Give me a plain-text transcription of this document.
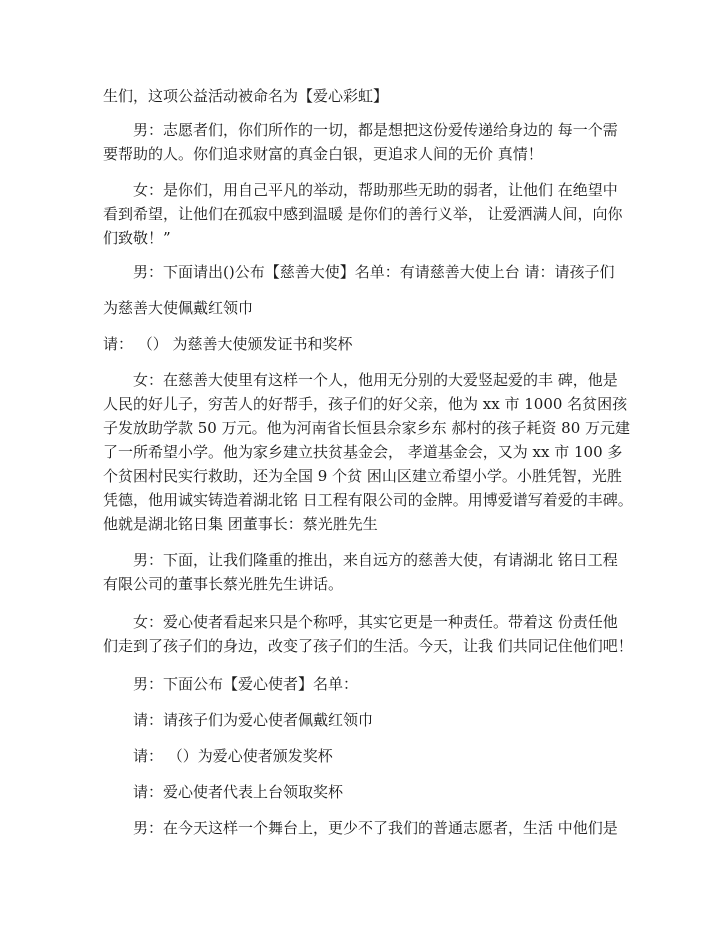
生们，这项公益活动被命名为【爱心彩虹】
　　男：志愿者们，你们所作的一切，都是想把这份爱传递给身边的 每一个需
要帮助的人。你们追求财富的真金白银，更追求人间的无价 真情！
　　女：是你们，用自己平凡的举动，帮助那些无助的弱者，让他们 在绝望中
看到希望，让他们在孤寂中感到温暖 是你们的善行义举， 让爱洒满人间，向你
们致敬！”
　　男：下面请出()公布【慈善大使】名单：有请慈善大使上台 请：请孩子们
为慈善大使佩戴红领巾
请： （） 为慈善大使颁发证书和奖杯
　　女：在慈善大使里有这样一个人，他用无分别的大爱竖起爱的丰 碑，他是
人民的好儿子，穷苦人的好帮手，孩子们的好父亲，他为 xx 市 1000 名贫困孩
子发放助学款 50 万元。他为河南省长恒县佘家乡东 郝村的孩子耗资 80 万元建
了一所希望小学。他为家乡建立扶贫基金会， 孝道基金会，又为 xx 市 100 多
个贫困村民实行救助，还为全国 9 个贫 困山区建立希望小学。小胜凭智，光胜
凭德，他用诚实铸造着湖北铭 日工程有限公司的金牌。用博爱谱写着爱的丰碑。
他就是湖北铭日集 团董事长：蔡光胜先生
　　男：下面，让我们隆重的推出，来自远方的慈善大使，有请湖北 铭日工程
有限公司的董事长蔡光胜先生讲话。
　　女：爱心使者看起来只是个称呼，其实它更是一种责任。带着这 份责任他
们走到了孩子们的身边，改变了孩子们的生活。今天，让我 们共同记住他们吧！
　　男：下面公布【爱心使者】名单：
　　请：请孩子们为爱心使者佩戴红领巾
　　请： （）为爱心使者颁发奖杯
　　请：爱心使者代表上台领取奖杯
　　男：在今天这样一个舞台上，更少不了我们的普通志愿者，生活 中他们是
